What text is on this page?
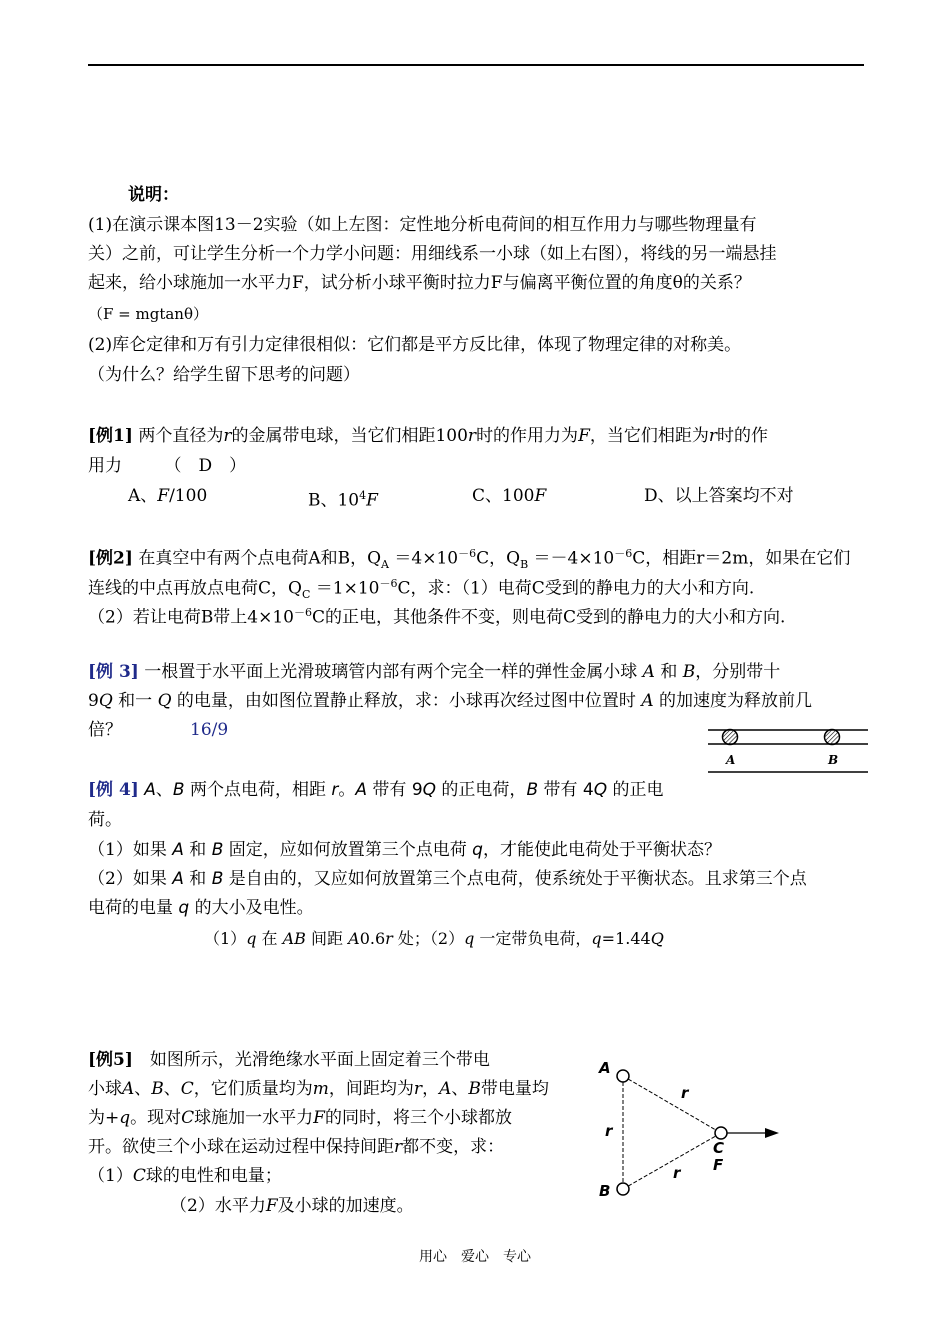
说明：
(1)在演示课本图13－2实验（如上左图：定性地分析电荷间的相互作用力与哪些物理量有
关）之前，可让学生分析一个力学小问题：用细线系一小球（如上右图），将线的另一端悬挂
起来，给小球施加一水平力F，试分析小球平衡时拉力F与偏离平衡位置的角度θ的关系？
（F = mgtanθ）
(2)库仑定律和万有引力定律很相似：它们都是平方反比律，体现了物理定律的对称美。
（为什么？给学生留下思考的问题）
[例1] 两个直径为r的金属带电球，当它们相距100r时的作用力为F，当它们相距为r时的作
用力　　　（　D　）
A、F/100	B、$10^4F$	C、100F	D、以上答案均不对
[例2] 在真空中有两个点电荷A和B，$Q_A =4\times 10^{-6}C$，$Q_B =-4\times 10^{-6}C$，相距r＝2m，如果在它们
连线的中点再放点电荷C，$Q_C =1\times 10^{-6}C$，求：（1）电荷C受到的静电力的大小和方向.
（2）若让电荷B带上$4\times 10^{-6}C$的正电，其他条件不变，则电荷C受到的静电力的大小和方向.
[例 3] 一根置于水平面上光滑玻璃管内部有两个完全一样的弹性金属小球 A 和 B，分别带十
9Q 和一 Q 的电量，由如图位置静止释放，求：小球再次经过图中位置时 A 的加速度为释放前几
倍？	16/9
A	B
[例 4] A、B 两个点电荷，相距 r。A 带有 9Q 的正电荷，B 带有 4Q 的正电
荷。
（1）如果 A 和 B 固定，应如何放置第三个点电荷 q，才能使此电荷处于平衡状态？
（2）如果 A 和 B 是自由的，又应如何放置第三个点电荷，使系统处于平衡状态。且求第三个点
电荷的电量 q 的大小及电性。
（1）q 在 AB 间距 A0.6r 处；（2）q 一定带负电荷，q=1.44Q
[例5]　如图所示，光滑绝缘水平面上固定着三个带电
小球A、B、C，它们质量均为m，间距均为r，A、B带电量均
为+q。现对C球施加一水平力F的同时，将三个小球都放
开。欲使三个小球在运动过程中保持间距r都不变，求：
（1）C球的电性和电量；
（2）水平力F及小球的加速度。
A
B
C
F
r
r
r
用心　爱心　专心
